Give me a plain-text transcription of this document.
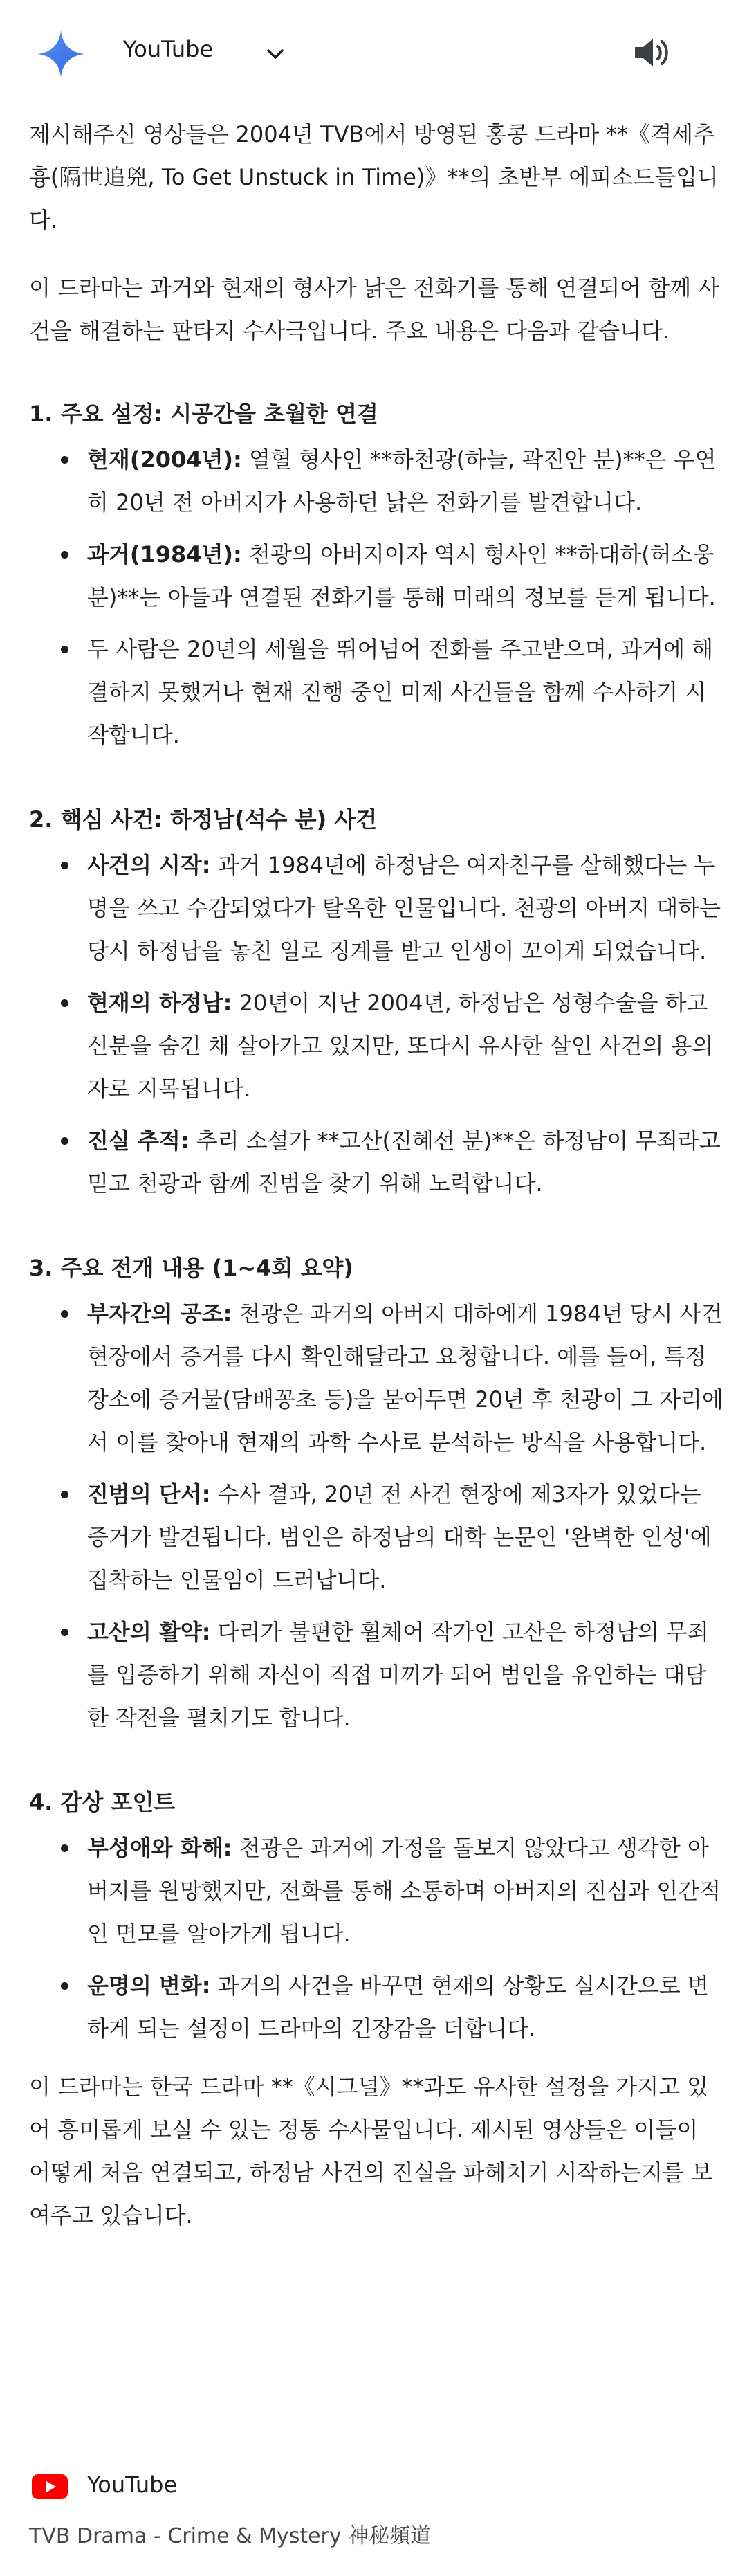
YouTube

제시해주신 영상들은 2004년 TVB에서 방영된 홍콩 드라마 **《격세추흉(隔世追兇, To Get Unstuck in Time)》**의 초반부 에피소드들입니다.

이 드라마는 과거와 현재의 형사가 낡은 전화기를 통해 연결되어 함께 사건을 해결하는 판타지 수사극입니다. 주요 내용은 다음과 같습니다.

1. 주요 설정: 시공간을 초월한 연결

현재(2004년): 열혈 형사인 **하천광(하늘, 곽진안 분)**은 우연히 20년 전 아버지가 사용하던 낡은 전화기를 발견합니다.
과거(1984년): 천광의 아버지이자 역시 형사인 **하대하(허소웅 분)**는 아들과 연결된 전화기를 통해 미래의 정보를 듣게 됩니다.
두 사람은 20년의 세월을 뛰어넘어 전화를 주고받으며, 과거에 해결하지 못했거나 현재 진행 중인 미제 사건들을 함께 수사하기 시작합니다.

2. 핵심 사건: 하정남(석수 분) 사건

사건의 시작: 과거 1984년에 하정남은 여자친구를 살해했다는 누명을 쓰고 수감되었다가 탈옥한 인물입니다. 천광의 아버지 대하는 당시 하정남을 놓친 일로 징계를 받고 인생이 꼬이게 되었습니다.
현재의 하정남: 20년이 지난 2004년, 하정남은 성형수술을 하고 신분을 숨긴 채 살아가고 있지만, 또다시 유사한 살인 사건의 용의자로 지목됩니다.
진실 추적: 추리 소설가 **고산(진혜선 분)**은 하정남이 무죄라고 믿고 천광과 함께 진범을 찾기 위해 노력합니다.

3. 주요 전개 내용 (1~4회 요약)

부자간의 공조: 천광은 과거의 아버지 대하에게 1984년 당시 사건 현장에서 증거를 다시 확인해달라고 요청합니다. 예를 들어, 특정 장소에 증거물(담배꽁초 등)을 묻어두면 20년 후 천광이 그 자리에서 이를 찾아내 현재의 과학 수사로 분석하는 방식을 사용합니다.
진범의 단서: 수사 결과, 20년 전 사건 현장에 제3자가 있었다는 증거가 발견됩니다. 범인은 하정남의 대학 논문인 '완벽한 인성'에 집착하는 인물임이 드러납니다.
고산의 활약: 다리가 불편한 휠체어 작가인 고산은 하정남의 무죄를 입증하기 위해 자신이 직접 미끼가 되어 범인을 유인하는 대담한 작전을 펼치기도 합니다.

4. 감상 포인트

부성애와 화해: 천광은 과거에 가정을 돌보지 않았다고 생각한 아버지를 원망했지만, 전화를 통해 소통하며 아버지의 진심과 인간적인 면모를 알아가게 됩니다.
운명의 변화: 과거의 사건을 바꾸면 현재의 상황도 실시간으로 변하게 되는 설정이 드라마의 긴장감을 더합니다.

이 드라마는 한국 드라마 **《시그널》**과도 유사한 설정을 가지고 있어 흥미롭게 보실 수 있는 정통 수사물입니다. 제시된 영상들은 이들이 어떻게 처음 연결되고, 하정남 사건의 진실을 파헤치기 시작하는지를 보여주고 있습니다.

YouTube
TVB Drama - Crime & Mystery 神秘頻道
